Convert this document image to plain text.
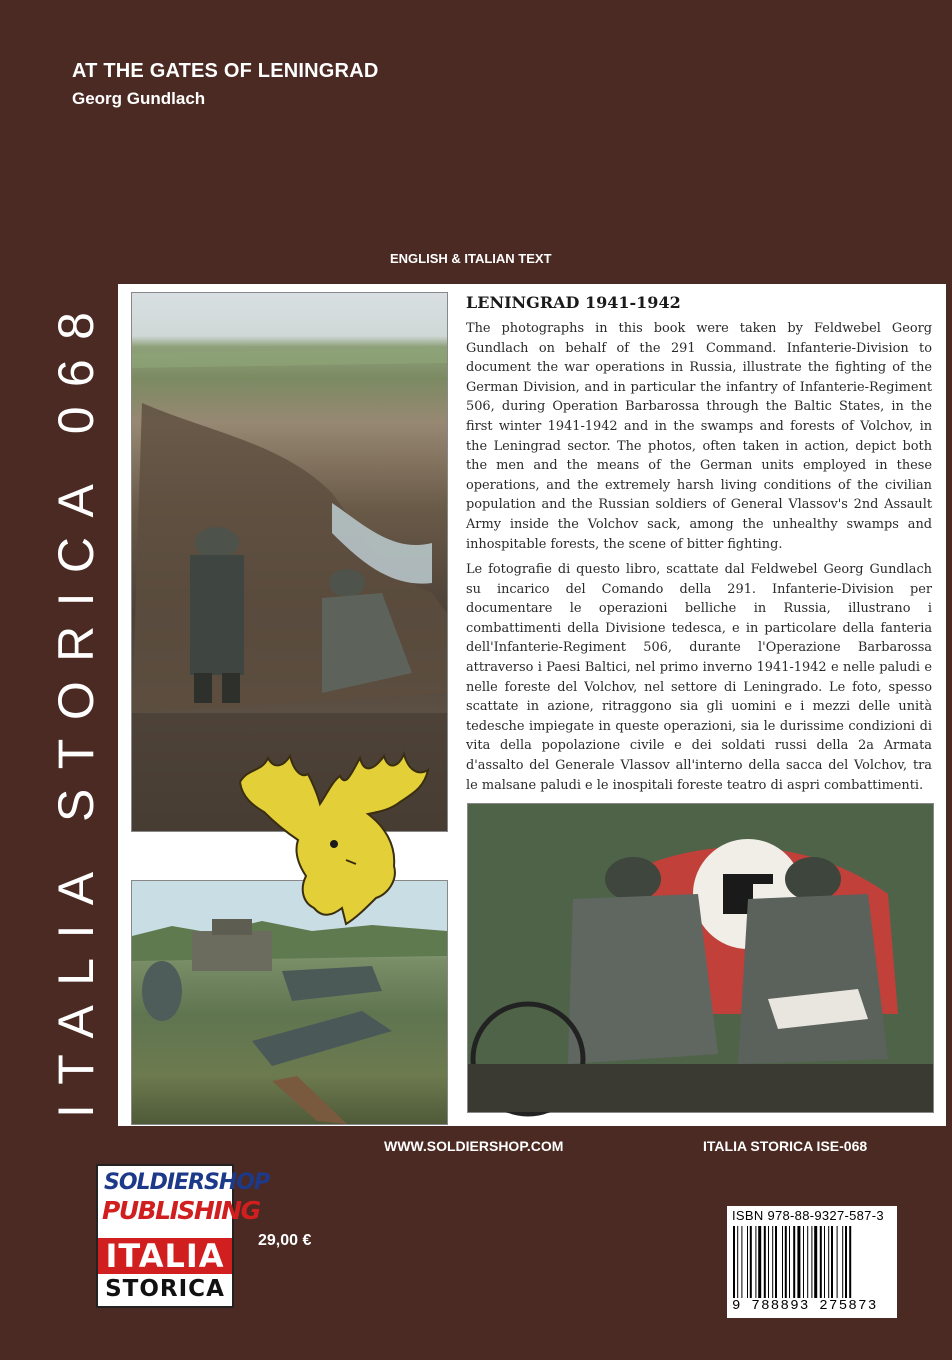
AT THE GATES OF LENINGRAD
Georg Gundlach
ENGLISH & ITALIAN TEXT
ITALIA STORICA 068	LENINGRAD 1941-1942
The photographs in this book were taken by Feldwebel Georg Gundlach on behalf of the 291 Command. Infanterie-Division to document the war operations in Russia, illustrate the fighting of the German Division, and in particular the infantry of Infanterie-Regiment 506, during Operation Barbarossa through the Baltic States, in the first winter 1941-1942 and in the swamps and forests of Volchov, in the Leningrad sector. The photos, often taken in action, depict both the men and the means of the German units employed in these operations, and the extremely harsh living conditions of the civilian population and the Russian soldiers of General Vlassov's 2nd Assault Army inside the Volchov sack, among the unhealthy swamps and inhospitable forests, the scene of bitter fighting.
Le fotografie di questo libro, scattate dal Feldwebel Georg Gundlach su incarico del Comando della 291. Infanterie-Division per documentare le operazioni belliche in Russia, illustrano i combattimenti della Divisione tedesca, e in particolare della fanteria dell'Infanterie-Regiment 506, durante l'Operazione Barbarossa attraverso i Paesi Baltici, nel primo inverno 1941-1942 e nelle paludi e nelle foreste del Volchov, nel settore di Leningrado. Le foto, spesso scattate in azione, ritraggono sia gli uomini e i mezzi delle unità tedesche impiegate in queste operazioni, sia le durissime condizioni di vita della popolazione civile e dei soldati russi della 2a Armata d'assalto del Generale Vlassov all'interno della sacca del Volchov, tra le malsane paludi e le inospitali foreste teatro di aspri combattimenti.
WWW.SOLDIERSHOP.COM	ITALIA STORICA ISE-068
SOLDIERSHOP
PUBLISHING
ITALIA
STORICA
29,00 €
ISBN 978-88-9327-587-3
9 788893 275873
